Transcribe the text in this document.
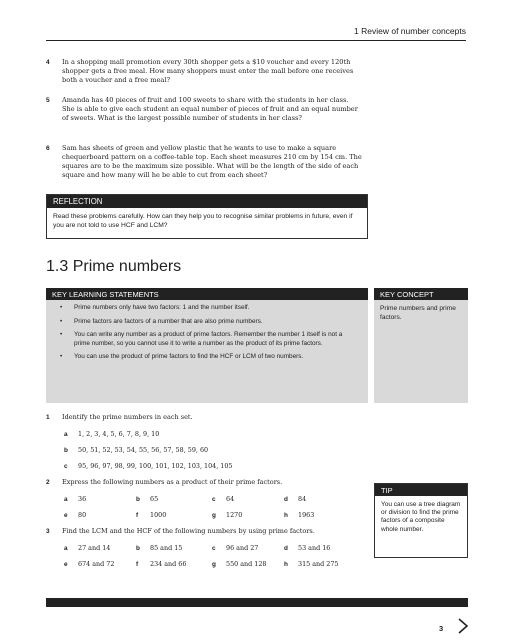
1 Review of number concepts
4 In a shopping mall promotion every 30th shopper gets a $10 voucher and every 120th shopper gets a free meal. How many shoppers must enter the mall before one receives both a voucher and a free meal?
5 Amanda has 40 pieces of fruit and 100 sweets to share with the students in her class. She is able to give each student an equal number of pieces of fruit and an equal number of sweets. What is the largest possible number of students in her class?
6 Sam has sheets of green and yellow plastic that he wants to use to make a square chequerboard pattern on a coffee-table top. Each sheet measures 210 cm by 154 cm. The squares are to be the maximum size possible. What will be the length of the side of each square and how many will he be able to cut from each sheet?
REFLECTION
Read these problems carefully. How can they help you to recognise similar problems in future, even if you are not told to use HCF and LCM?
1.3 Prime numbers
KEY LEARNING STATEMENTS
• Prime numbers only have two factors: 1 and the number itself.
• Prime factors are factors of a number that are also prime numbers.
• You can write any number as a product of prime factors. Remember the number 1 itself is not a prime number, so you cannot use it to write a number as the product of its prime factors.
• You can use the product of prime factors to find the HCF or LCM of two numbers.
KEY CONCEPT
Prime numbers and prime factors.
1 Identify the prime numbers in each set.
a 1, 2, 3, 4, 5, 6, 7, 8, 9, 10
b 50, 51, 52, 53, 54, 55, 56, 57, 58, 59, 60
c 95, 96, 97, 98, 99, 100, 101, 102, 103, 104, 105
2 Express the following numbers as a product of their prime factors.
a 36	b 65	c 64	d 84
e 80	f 1000	g 1270	h 1963
3 Find the LCM and the HCF of the following numbers by using prime factors.
a 27 and 14	b 85 and 15	c 96 and 27	d 53 and 16
e 674 and 72	f 234 and 66	g 550 and 128	h 315 and 275
TIP
You can use a tree diagram or division to find the prime factors of a composite whole number.
3
